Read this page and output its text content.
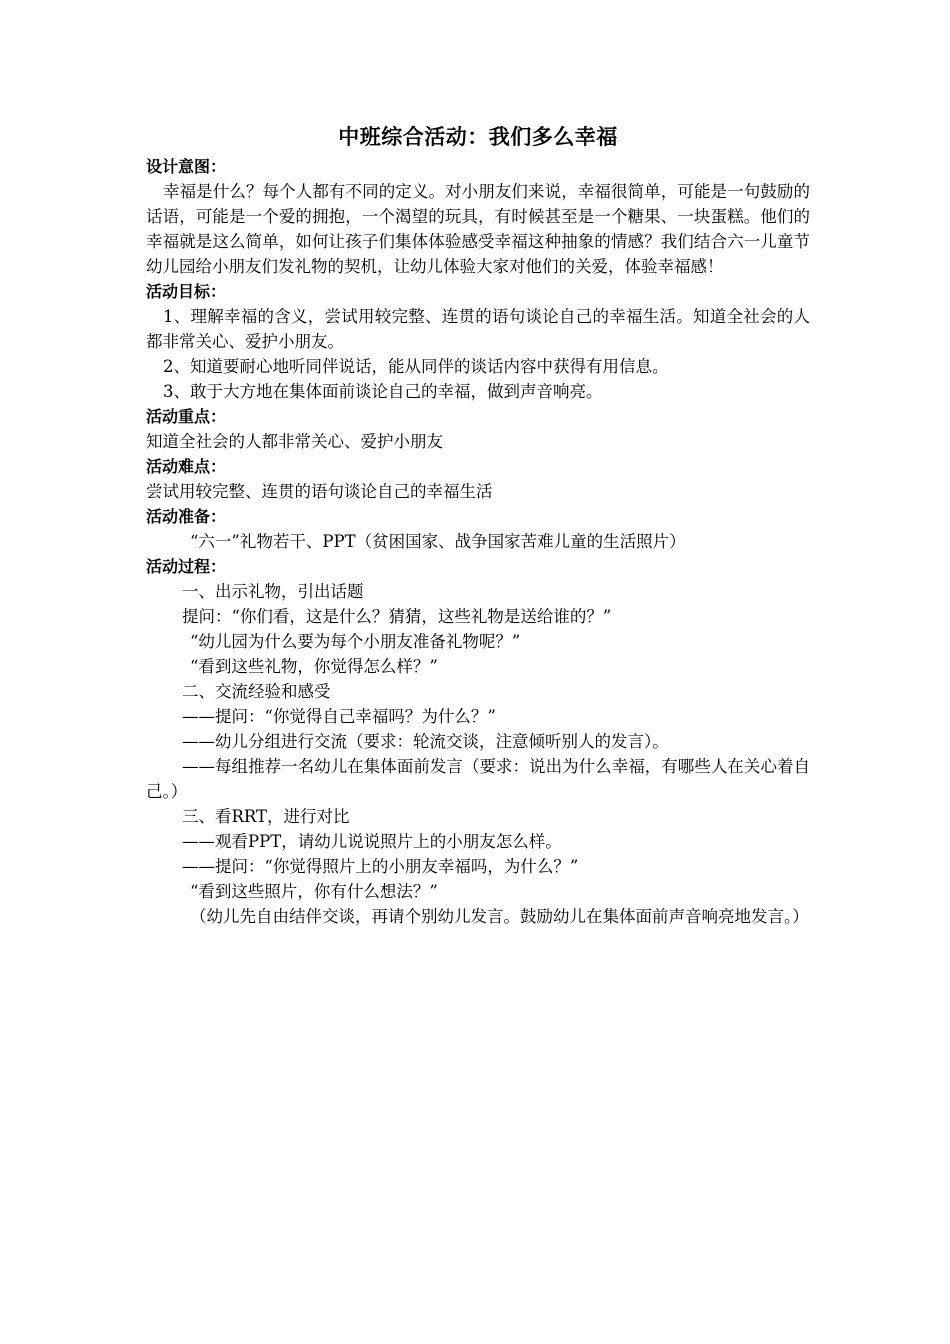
中班综合活动：我们多么幸福

设计意图：

幸福是什么？每个人都有不同的定义。对小朋友们来说，幸福很简单，可能是一句鼓励的话语，可能是一个爱的拥抱，一个渴望的玩具，有时候甚至是一个糖果、一块蛋糕。他们的幸福就是这么简单，如何让孩子们集体体验感受幸福这种抽象的情感？我们结合六一儿童节幼儿园给小朋友们发礼物的契机，让幼儿体验大家对他们的关爱，体验幸福感！

活动目标：

1、理解幸福的含义，尝试用较完整、连贯的语句谈论自己的幸福生活。知道全社会的人都非常关心、爱护小朋友。

2、知道要耐心地听同伴说话，能从同伴的谈话内容中获得有用信息。

3、敢于大方地在集体面前谈论自己的幸福，做到声音响亮。

活动重点：

知道全社会的人都非常关心、爱护小朋友

活动难点：

尝试用较完整、连贯的语句谈论自己的幸福生活

活动准备：

“六一”礼物若干、PPT（贫困国家、战争国家苦难儿童的生活照片）

活动过程：

一、出示礼物，引出话题

提问：“你们看，这是什么？猜猜，这些礼物是送给谁的？”

“幼儿园为什么要为每个小朋友准备礼物呢？”

“看到这些礼物，你觉得怎么样？”

二、交流经验和感受

——提问：“你觉得自己幸福吗？为什么？”

——幼儿分组进行交流（要求：轮流交谈，注意倾听别人的发言）。

——每组推荐一名幼儿在集体面前发言（要求：说出为什么幸福，有哪些人在关心着自己。）

三、看RRT，进行对比

——观看PPT，请幼儿说说照片上的小朋友怎么样。

——提问：“你觉得照片上的小朋友幸福吗，为什么？”

“看到这些照片，你有什么想法？”

（幼儿先自由结伴交谈，再请个别幼儿发言。鼓励幼儿在集体面前声音响亮地发言。）
